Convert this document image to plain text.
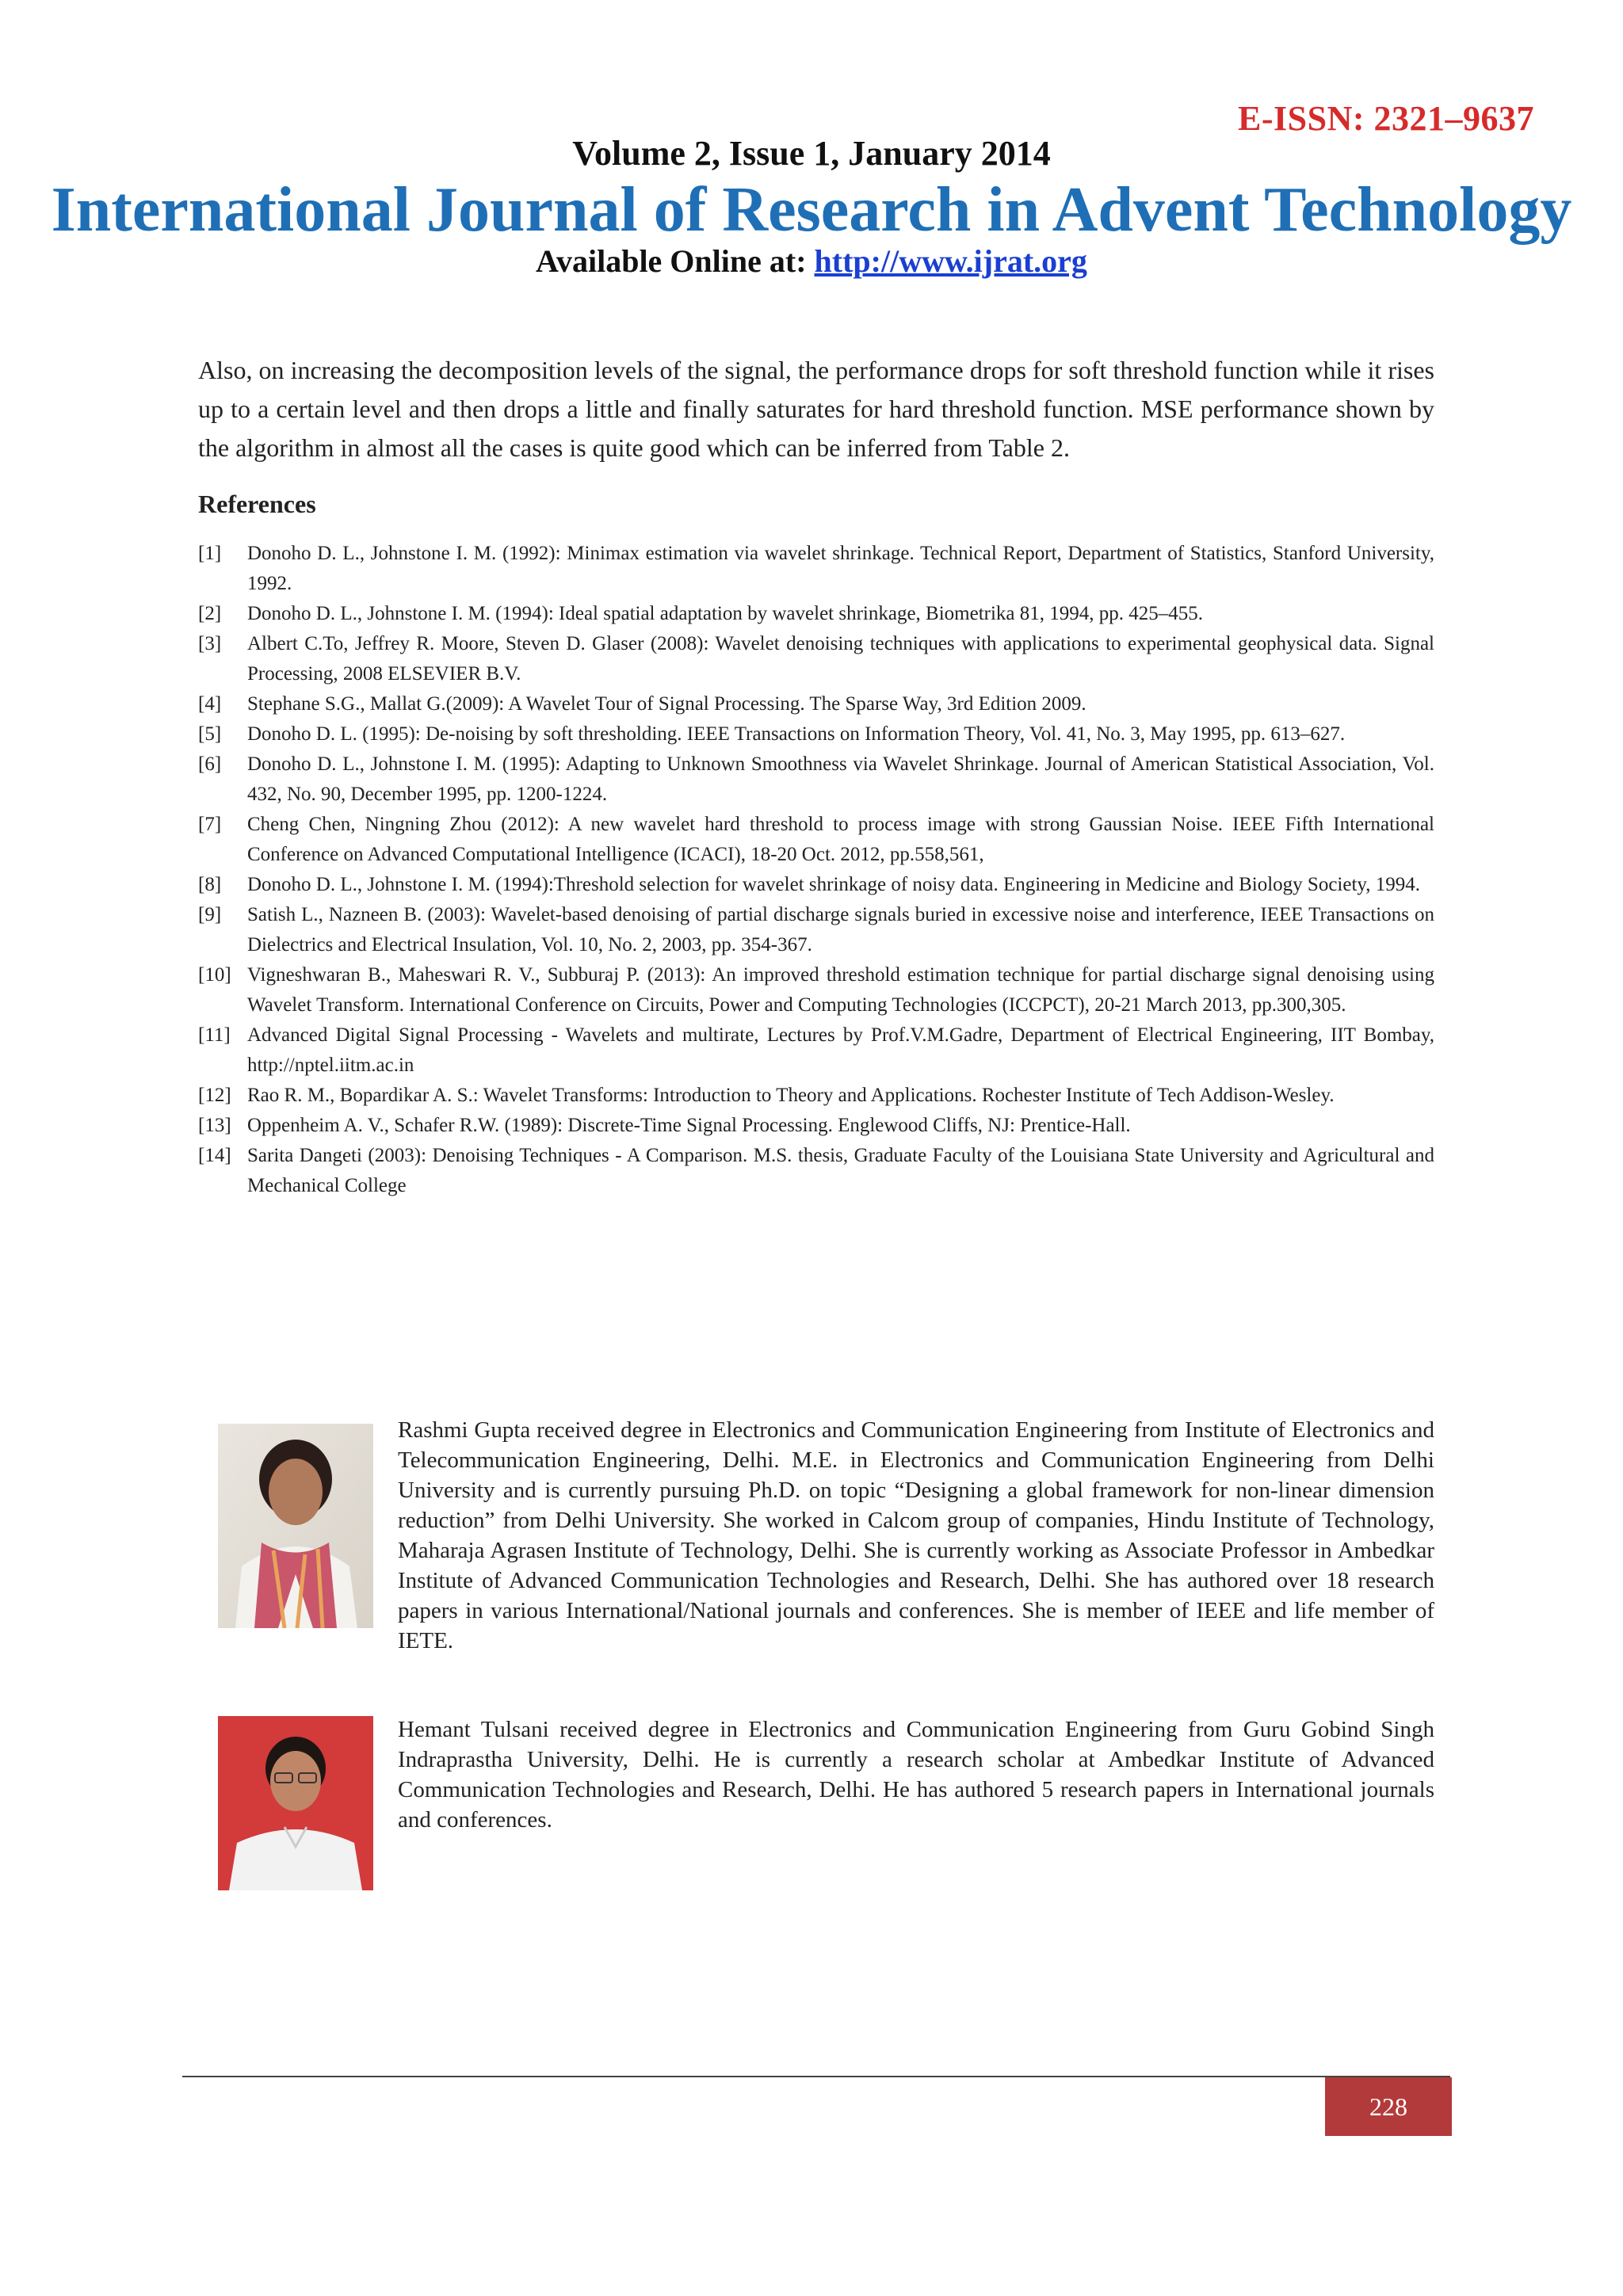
E-ISSN: 2321–9637
Volume 2, Issue 1, January 2014
International Journal of Research in Advent Technology
Available Online at: http://www.ijrat.org
Also, on increasing the decomposition levels of the signal, the performance drops for soft threshold function while it rises up to a certain level and then drops a little and finally saturates for hard threshold function. MSE performance shown by the algorithm in almost all the cases is quite good which can be inferred from Table 2.
References
[1]	Donoho D. L., Johnstone I. M. (1992): Minimax estimation via wavelet shrinkage. Technical Report, Department of Statistics, Stanford University, 1992.
[2]	Donoho D. L., Johnstone I. M. (1994): Ideal spatial adaptation by wavelet shrinkage, Biometrika 81, 1994, pp. 425–455.
[3]	Albert C.To, Jeffrey R. Moore, Steven D. Glaser (2008): Wavelet denoising techniques with applications to experimental geophysical data. Signal Processing, 2008 ELSEVIER B.V.
[4]	Stephane S.G., Mallat G.(2009): A Wavelet Tour of Signal Processing. The Sparse Way, 3rd Edition 2009.
[5]	Donoho D. L. (1995): De-noising by soft thresholding. IEEE Transactions on Information Theory, Vol. 41, No. 3, May 1995, pp. 613–627.
[6]	Donoho D. L., Johnstone I. M. (1995): Adapting to Unknown Smoothness via Wavelet Shrinkage. Journal of American Statistical Association, Vol. 432, No. 90, December 1995, pp. 1200-1224.
[7]	Cheng Chen, Ningning Zhou (2012): A new wavelet hard threshold to process image with strong Gaussian Noise. IEEE Fifth International Conference on Advanced Computational Intelligence (ICACI), 18-20 Oct. 2012, pp.558,561,
[8]	Donoho D. L., Johnstone I. M. (1994):Threshold selection for wavelet shrinkage of noisy data. Engineering in Medicine and Biology Society, 1994.
[9]	Satish L., Nazneen B. (2003): Wavelet-based denoising of partial discharge signals buried in excessive noise and interference, IEEE Transactions on Dielectrics and Electrical Insulation, Vol. 10, No. 2, 2003, pp. 354-367.
[10] Vigneshwaran B., Maheswari R. V., Subburaj P. (2013): An improved threshold estimation technique for partial discharge signal denoising using Wavelet Transform. International Conference on Circuits, Power and Computing Technologies (ICCPCT), 20-21 March 2013, pp.300,305.
[11] Advanced Digital Signal Processing - Wavelets and multirate, Lectures by Prof.V.M.Gadre, Department of Electrical Engineering, IIT Bombay, http://nptel.iitm.ac.in
[12] Rao R. M., Bopardikar A. S.: Wavelet Transforms: Introduction to Theory and Applications. Rochester Institute of Tech Addison-Wesley.
[13] Oppenheim A. V., Schafer R.W. (1989): Discrete-Time Signal Processing. Englewood Cliffs, NJ: Prentice-Hall.
[14] Sarita Dangeti (2003): Denoising Techniques - A Comparison. M.S. thesis, Graduate Faculty of the Louisiana State University and Agricultural and Mechanical College
Rashmi Gupta received degree in Electronics and Communication Engineering from Institute of Electronics and Telecommunication Engineering, Delhi. M.E. in Electronics and Communication Engineering from Delhi University and is currently pursuing Ph.D. on topic “Designing a global framework for non-linear dimension reduction” from Delhi University. She worked in Calcom group of companies, Hindu Institute of Technology, Maharaja Agrasen Institute of Technology, Delhi. She is currently working as Associate Professor in Ambedkar Institute of Advanced Communication Technologies and Research, Delhi. She has authored over 18 research papers in various International/National journals and conferences. She is member of IEEE and life member of IETE.
Hemant Tulsani received degree in Electronics and Communication Engineering from Guru Gobind Singh Indraprastha University, Delhi. He is currently a research scholar at Ambedkar Institute of Advanced Communication Technologies and Research, Delhi. He has authored 5 research papers in International journals and conferences.
228
